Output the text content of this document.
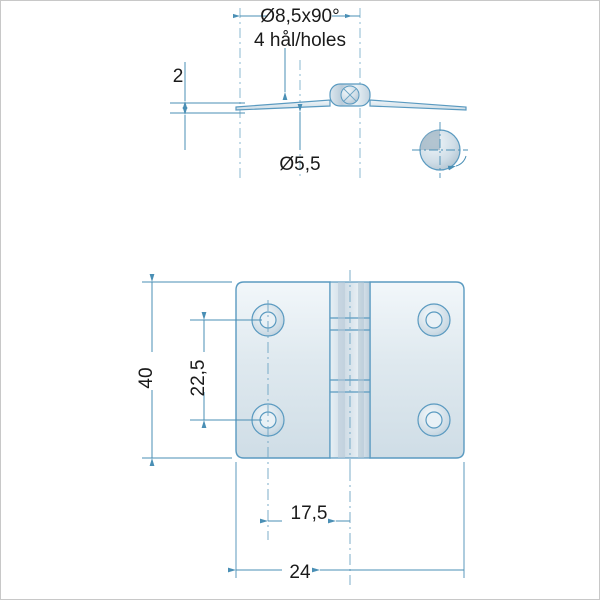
Ø8,5x90°
4 hål/holes
2
Ø5,5
40 22,5
17,5
24
